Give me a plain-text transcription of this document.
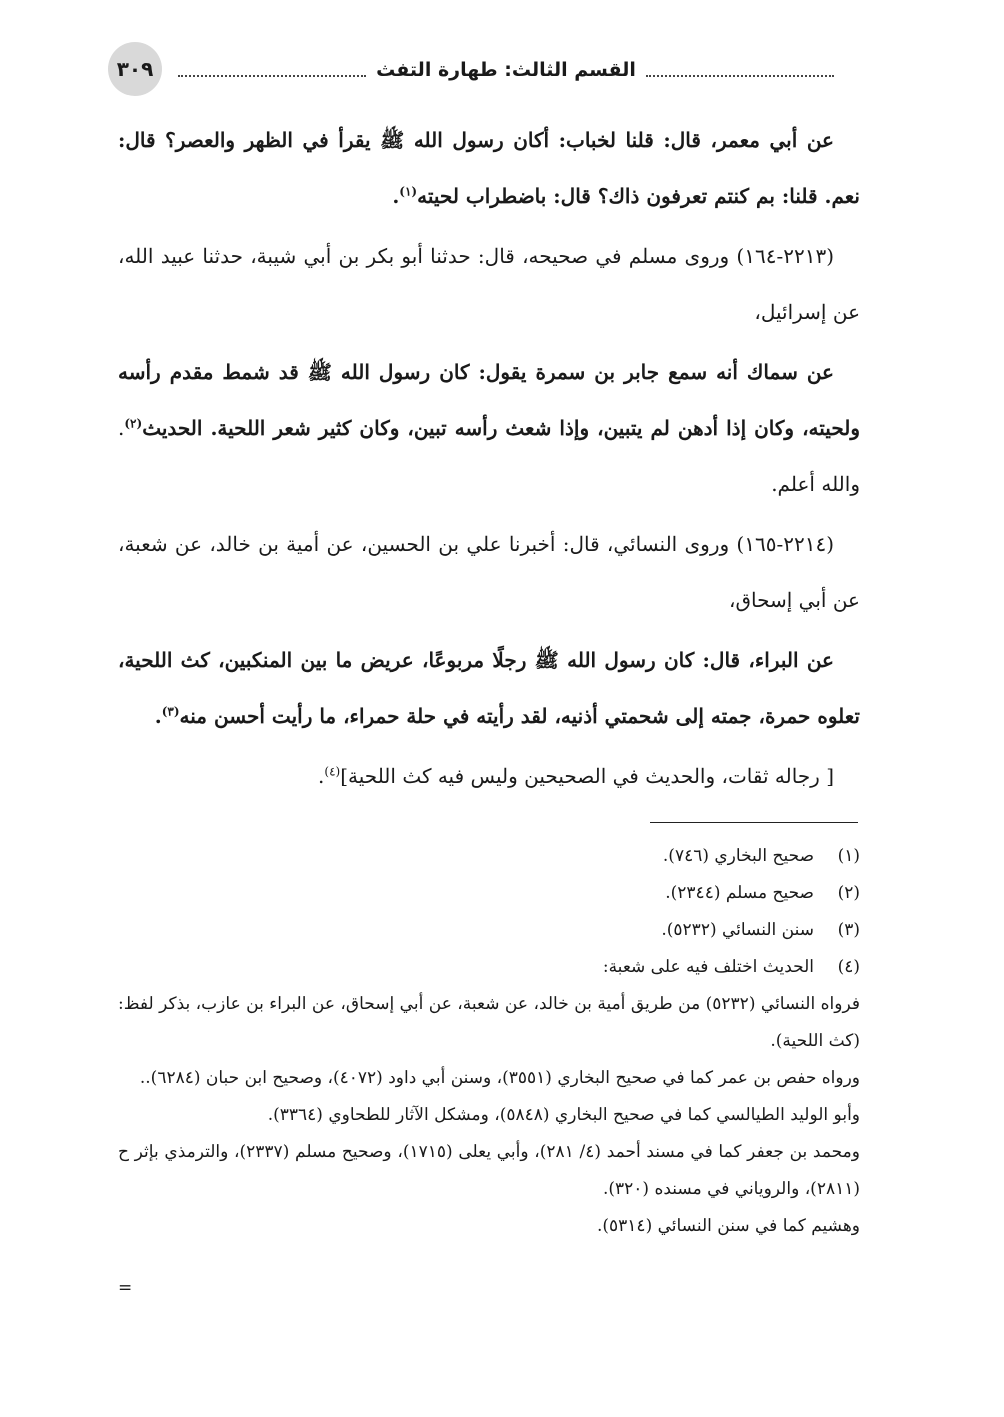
٣٠٩	القسم الثالث: طهارة التفث

عن أبي معمر، قال: قلنا لخباب: أكان رسول الله ﷺ يقرأ في الظهر والعصر؟ قال: نعم. قلنا: بم كنتم تعرفون ذاك؟ قال: باضطراب لحيته$^{(١)}$.

(٢٢١٣-١٦٤) وروى مسلم في صحيحه، قال: حدثنا أبو بكر بن أبي شيبة، حدثنا عبيد الله، عن إسرائيل،

عن سماك أنه سمع جابر بن سمرة يقول: كان رسول الله ﷺ قد شمط مقدم رأسه ولحيته، وكان إذا أدهن لم يتبين، وإذا شعث رأسه تبين، وكان كثير شعر اللحية. الحديث$^{(٢)}$. والله أعلم.

(٢٢١٤-١٦٥) وروى النسائي، قال: أخبرنا علي بن الحسين، عن أمية بن خالد، عن شعبة، عن أبي إسحاق،

عن البراء، قال: كان رسول الله ﷺ رجلًا مربوعًا، عريض ما بين المنكبين، كث اللحية، تعلوه حمرة، جمته إلى شحمتي أذنيه، لقد رأيته في حلة حمراء، ما رأيت أحسن منه$^{(٣)}$.

[ رجاله ثقات، والحديث في الصحيحين وليس فيه كث اللحية]$^{(٤)}$.

(١)
صحيح البخاري (٧٤٦).
(٢)
صحيح مسلم (٢٣٤٤).
(٣)
سنن النسائي (٥٢٣٢).
(٤)
الحديث اختلف فيه على شعبة:
فرواه النسائي (٥٢٣٢) من طريق أمية بن خالد، عن شعبة، عن أبي إسحاق، عن البراء بن عازب، بذكر لفظ: (كث اللحية).
ورواه حفص بن عمر كما في صحيح البخاري (٣٥٥١)، وسنن أبي داود (٤٠٧٢)، وصحيح ابن حبان (٦٢٨٤)..
وأبو الوليد الطيالسي كما في صحيح البخاري (٥٨٤٨)، ومشكل الآثار للطحاوي (٣٣٦٤).
ومحمد بن جعفر كما في مسند أحمد (٤/ ٢٨١)، وأبي يعلى (١٧١٥)، وصحيح مسلم (٢٣٣٧)، والترمذي بإثر ح (٢٨١١)، والروياني في مسنده (٣٢٠).
وهشيم كما في سنن النسائي (٥٣١٤).
=
